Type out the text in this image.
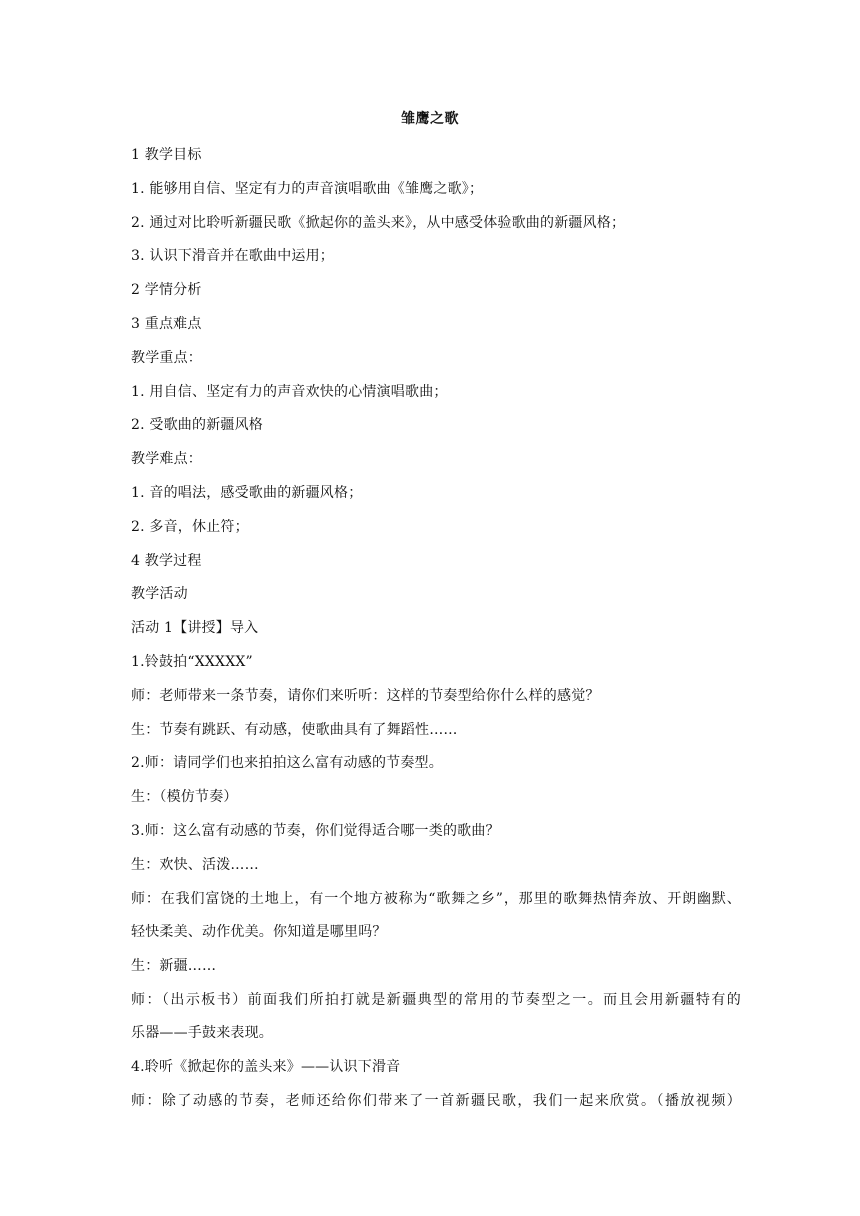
雏鹰之歌
1 教学目标
1. 能够用自信、坚定有力的声音演唱歌曲《雏鹰之歌》；
2. 通过对比聆听新疆民歌《掀起你的盖头来》，从中感受体验歌曲的新疆风格；
3. 认识下滑音并在歌曲中运用；
2 学情分析
3 重点难点
教学重点：
1. 用自信、坚定有力的声音欢快的心情演唱歌曲；
2. 受歌曲的新疆风格
教学难点：
1. 音的唱法，感受歌曲的新疆风格；
2. 多音，休止符；
4 教学过程
教学活动
活动 1【讲授】导入
1.铃鼓拍“XXXXX”
师：老师带来一条节奏，请你们来听听：这样的节奏型给你什么样的感觉？
生：节奏有跳跃、有动感，使歌曲具有了舞蹈性……
2.师：请同学们也来拍拍这么富有动感的节奏型。
生：（模仿节奏）
3.师：这么富有动感的节奏，你们觉得适合哪一类的歌曲？
生：欢快、活泼……
师：在我们富饶的土地上，有一个地方被称为“歌舞之乡”，那里的歌舞热情奔放、开朗幽默、
轻快柔美、动作优美。你知道是哪里吗？
生：新疆……
师：（出示板书）前面我们所拍打就是新疆典型的常用的节奏型之一。而且会用新疆特有的
乐器——手鼓来表现。
4.聆听《掀起你的盖头来》——认识下滑音
师：除了动感的节奏，老师还给你们带来了一首新疆民歌，我们一起来欣赏。（播放视频）
